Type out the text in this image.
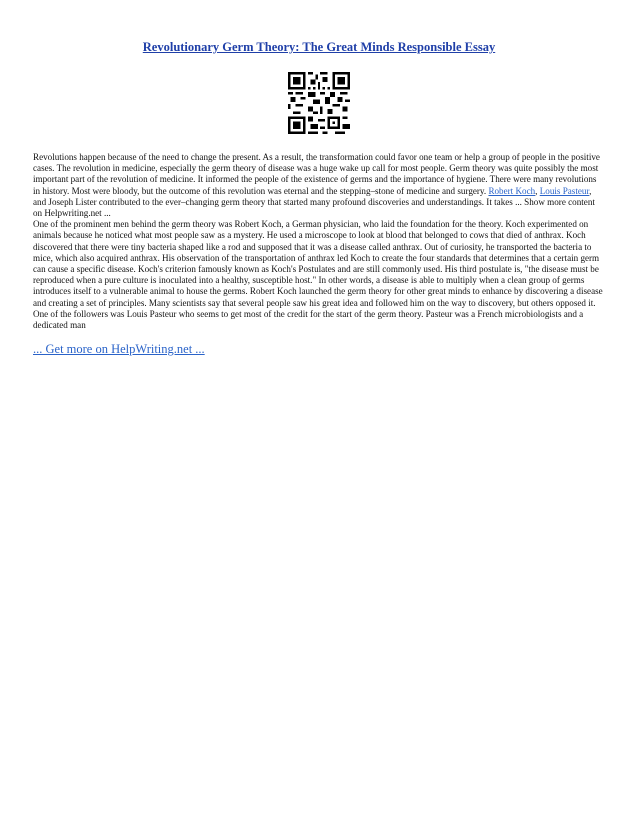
Revolutionary Germ Theory: The Great Minds Responsible Essay

Revolutions happen because of the need to change the present. As a result, the transformation could favor one team or help a group of people in the positive cases. The revolution in medicine, especially the germ theory of disease was a huge wake up call for most people. Germ theory was quite possibly the most important part of the revolution of medicine. It informed the people of the existence of germs and the importance of hygiene. There were many revolutions in history. Most were bloody, but the outcome of this revolution was eternal and the stepping–stone of medicine and surgery. Robert Koch, Louis Pasteur, and Joseph Lister contributed to the ever–changing germ theory that started many profound discoveries and understandings. It takes ... Show more content on Helpwriting.net ...

One of the prominent men behind the germ theory was Robert Koch, a German physician, who laid the foundation for the theory. Koch experimented on animals because he noticed what most people saw as a mystery. He used a microscope to look at blood that belonged to cows that died of anthrax. Koch discovered that there were tiny bacteria shaped like a rod and supposed that it was a disease called anthrax. Out of curiosity, he transported the bacteria to mice, which also acquired anthrax. His observation of the transportation of anthrax led Koch to create the four standards that determines that a certain germ can cause a specific disease. Koch's criterion famously known as Koch's Postulates and are still commonly used. His third postulate is, "the disease must be reproduced when a pure culture is inoculated into a healthy, susceptible host." In other words, a disease is able to multiply when a clean group of germs introduces itself to a vulnerable animal to house the germs. Robert Koch launched the germ theory for other great minds to enhance by discovering a disease and creating a set of principles. Many scientists say that several people saw his great idea and followed him on the way to discovery, but others opposed it. One of the followers was Louis Pasteur who seems to get most of the credit for the start of the germ theory. Pasteur was a French microbiologists and a dedicated man

... Get more on HelpWriting.net ...
